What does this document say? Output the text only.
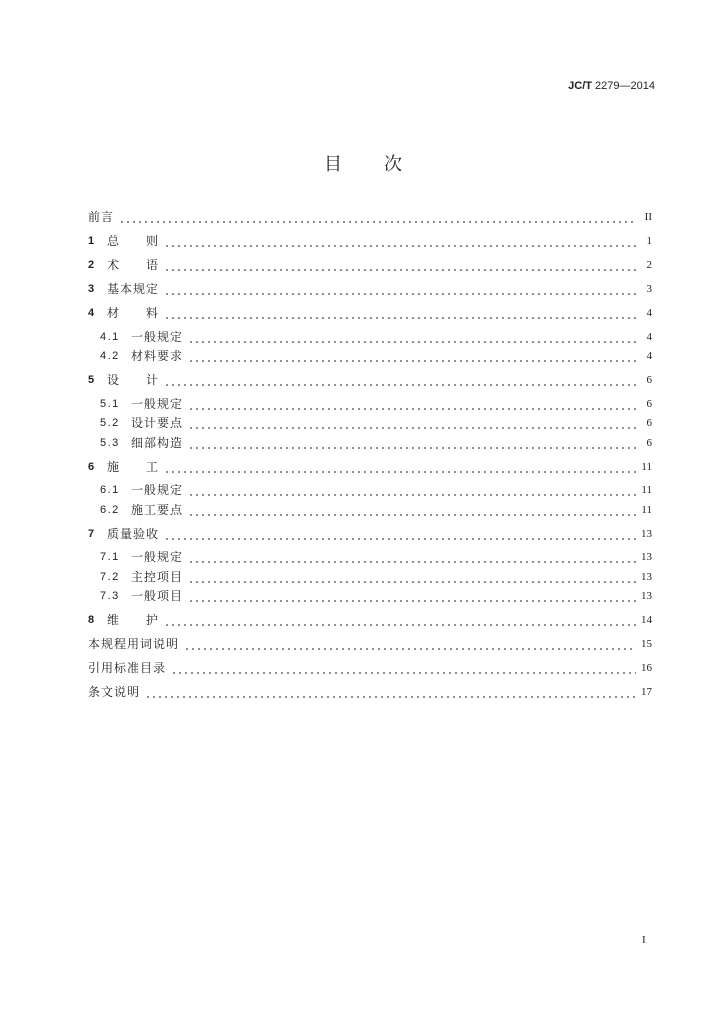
JC/T 2279—2014
目　次
前言	II
1	总　　则	1
2	术　　语	2
3	基本规定	3
4	材　　料	4
4.1 一般规定	4
4.2 材料要求	4
5	设　　计	6
5.1 一般规定	6
5.2 设计要点	6
5.3 细部构造	6
6	施　　工	11
6.1 一般规定	11
6.2 施工要点	11
7	质量验收	13
7.1 一般规定	13
7.2 主控项目	13
7.3 一般项目	13
8	维　　护	14
本规程用词说明	15
引用标准目录	16
条文说明	17
I
